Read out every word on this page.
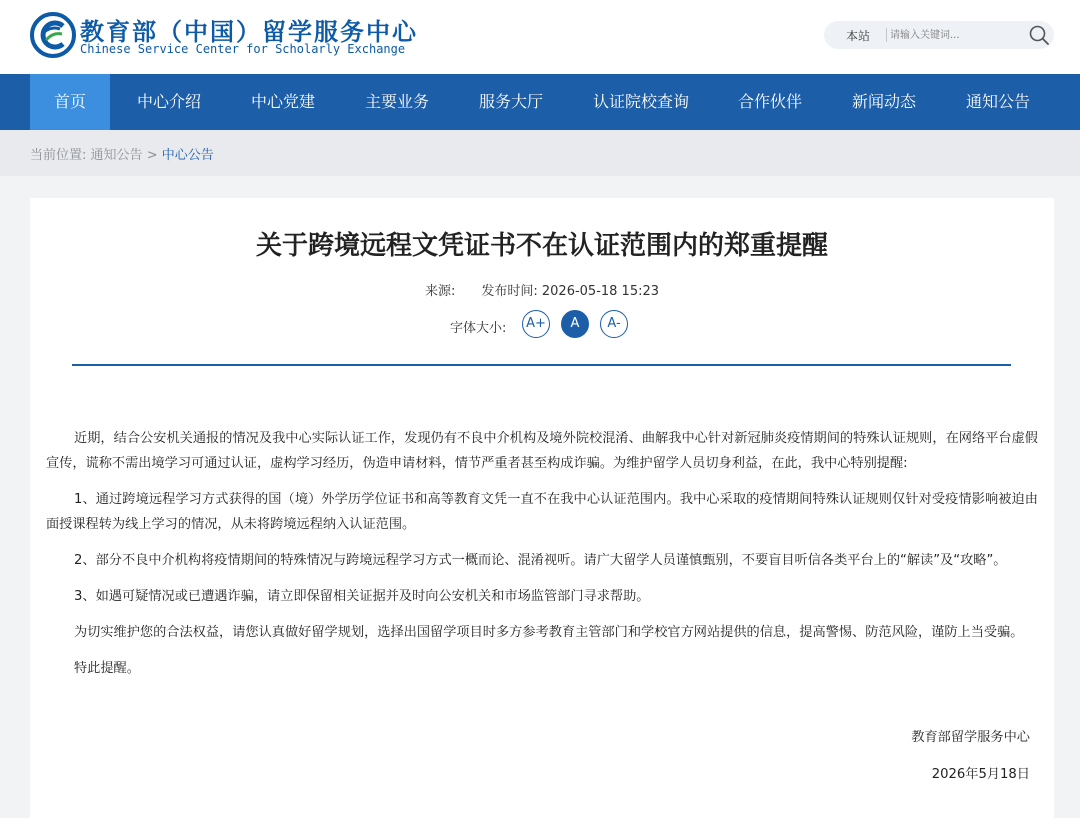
教育部（中国）留学服务中心
Chinese Service Center for Scholarly Exchange
本站
请输入关键词...
首页	中心介绍	中心党建	主要业务	服务大厅	认证院校查询	合作伙伴	新闻动态	通知公告
当前位置: 通知公告 > 中心公告
关于跨境远程文凭证书不在认证范围内的郑重提醒
来源: 发布时间: 2026-05-18 15:23
字体大小:	A+	A	A-

近期，结合公安机关通报的情况及我中心实际认证工作，发现仍有不良中介机构及境外院校混淆、曲解我中心针对新冠肺炎疫情期间的特殊认证规则，在网络平台虚假宣传，谎称不需出境学习可通过认证，虚构学习经历，伪造申请材料，情节严重者甚至构成诈骗。为维护留学人员切身利益，在此，我中心特别提醒:

1、通过跨境远程学习方式获得的国（境）外学历学位证书和高等教育文凭一直不在我中心认证范围内。我中心采取的疫情期间特殊认证规则仅针对受疫情影响被迫由面授课程转为线上学习的情况，从未将跨境远程纳入认证范围。

2、部分不良中介机构将疫情期间的特殊情况与跨境远程学习方式一概而论、混淆视听。请广大留学人员谨慎甄别，不要盲目听信各类平台上的“解读”及“攻略”。

3、如遇可疑情况或已遭遇诈骗，请立即保留相关证据并及时向公安机关和市场监管部门寻求帮助。

为切实维护您的合法权益，请您认真做好留学规划，选择出国留学项目时多方参考教育主管部门和学校官方网站提供的信息，提高警惕、防范风险，谨防上当受骗。

特此提醒。

教育部留学服务中心
2026年5月18日
